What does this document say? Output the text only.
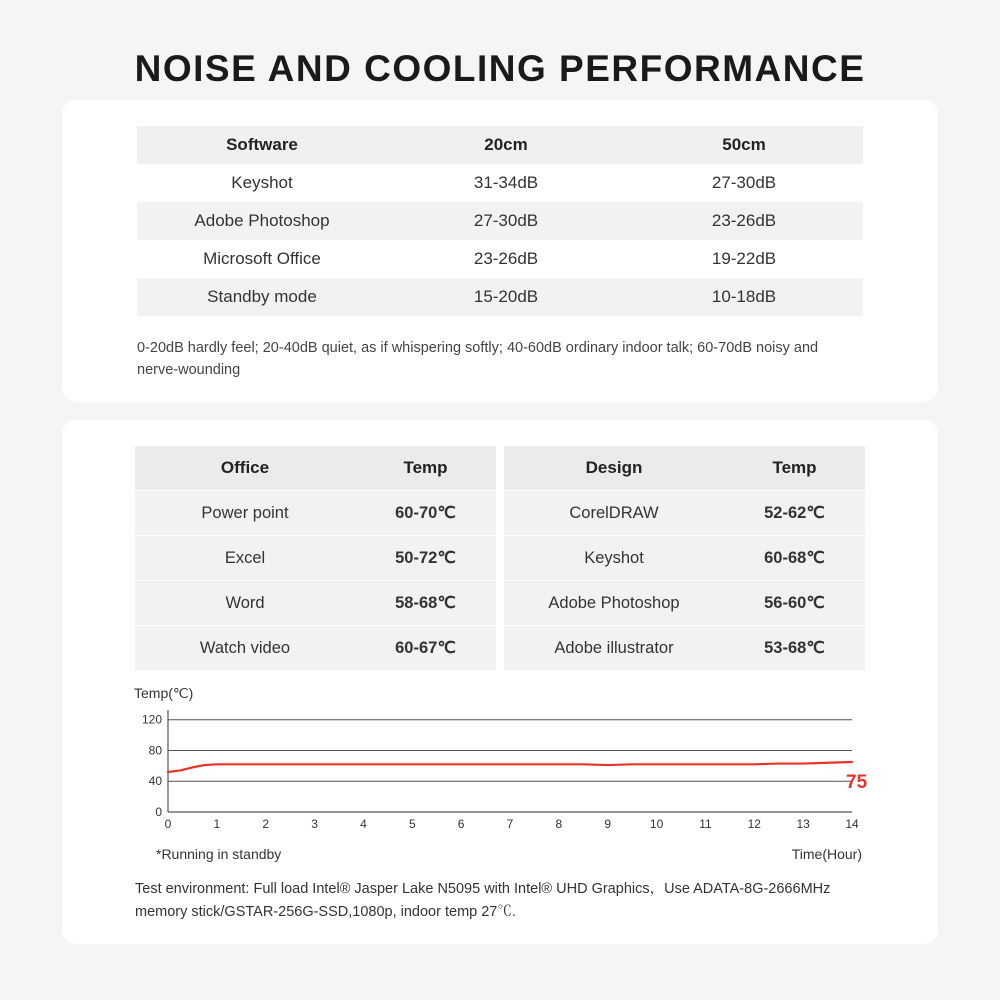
NOISE AND COOLING PERFORMANCE
Software	20cm	50cm
Keyshot	31-34dB	27-30dB
Adobe Photoshop	27-30dB	23-26dB
Microsoft Office	23-26dB	19-22dB
Standby mode	15-20dB	10-18dB

0-20dB hardly feel; 20-40dB quiet, as if whispering softly; 40-60dB ordinary indoor talk; 60-70dB noisy and nerve-wounding

Office	Temp
Power point	60-70℃
Excel	50-72℃
Word	58-68℃
Watch video	60-67℃
Design	Temp
CorelDRAW	52-62℃
Keyshot	60-68℃
Adobe Photoshop	56-60℃
Adobe illustrator	53-68℃
Temp(℃)
40
80
120
0	1	2	3	4	5	6	7	8	9	10	11	12	13	14
0
75
*Running in standby	Time(Hour)

Test environment: Full load Intel® Jasper Lake N5095 with Intel® UHD Graphics，Use ADATA-8G-2666MHz memory stick/GSTAR-256G-SSD,1080p, indoor temp 27℃.
